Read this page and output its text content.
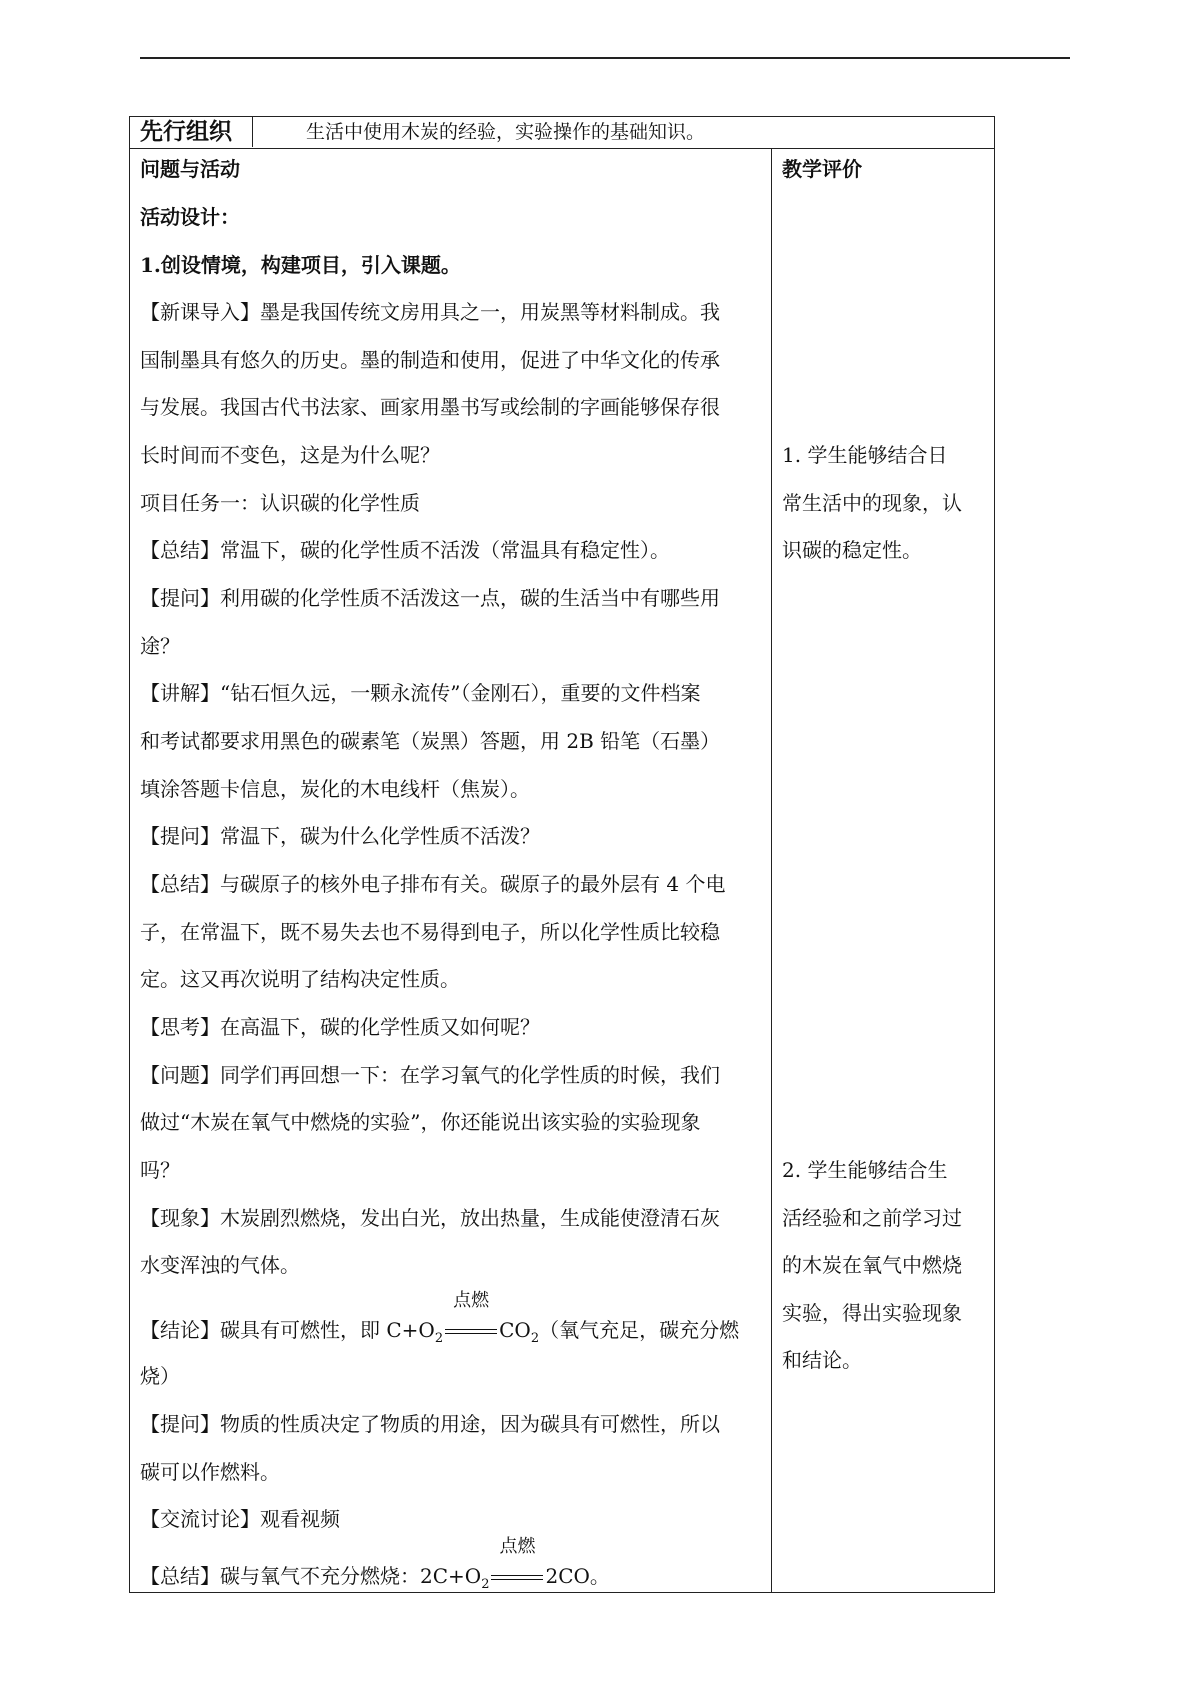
先行组织	生活中使用木炭的经验，实验操作的基础知识。
问题与活动
活动设计：
1.创设情境，构建项目，引入课题。
【新课导入】墨是我国传统文房用具之一，用炭黑等材料制成。我
国制墨具有悠久的历史。墨的制造和使用，促进了中华文化的传承
与发展。我国古代书法家、画家用墨书写或绘制的字画能够保存很
长时间而不变色，这是为什么呢？
项目任务一：认识碳的化学性质
【总结】常温下，碳的化学性质不活泼（常温具有稳定性）。
【提问】利用碳的化学性质不活泼这一点，碳的生活当中有哪些用
途？
【讲解】“钻石恒久远，一颗永流传”（金刚石），重要的文件档案
和考试都要求用黑色的碳素笔（炭黑）答题，用 2B 铅笔（石墨）
填涂答题卡信息，炭化的木电线杆（焦炭）。
【提问】常温下，碳为什么化学性质不活泼？
【总结】与碳原子的核外电子排布有关。碳原子的最外层有 4 个电
子，在常温下，既不易失去也不易得到电子，所以化学性质比较稳
定。这又再次说明了结构决定性质。
【思考】在高温下，碳的化学性质又如何呢？
【问题】同学们再回想一下：在学习氧气的化学性质的时候，我们
做过“木炭在氧气中燃烧的实验”，你还能说出该实验的实验现象
吗？
【现象】木炭剧烈燃烧，发出白光，放出热量，生成能使澄清石灰
水变浑浊的气体。
【结论】碳具有可燃性，即 $C+O_2$
点燃
$CO_2$（氧气充足，碳充分燃
烧）
【提问】物质的性质决定了物质的用途，因为碳具有可燃性，所以
碳可以作燃料。
【交流讨论】观看视频
【总结】碳与氧气不充分燃烧：$2C+O_2$
点燃
2CO。
教学评价
1. 学生能够结合日
常生活中的现象，认
识碳的稳定性。
2. 学生能够结合生
活经验和之前学习过
的木炭在氧气中燃烧
实验，得出实验现象
和结论。
